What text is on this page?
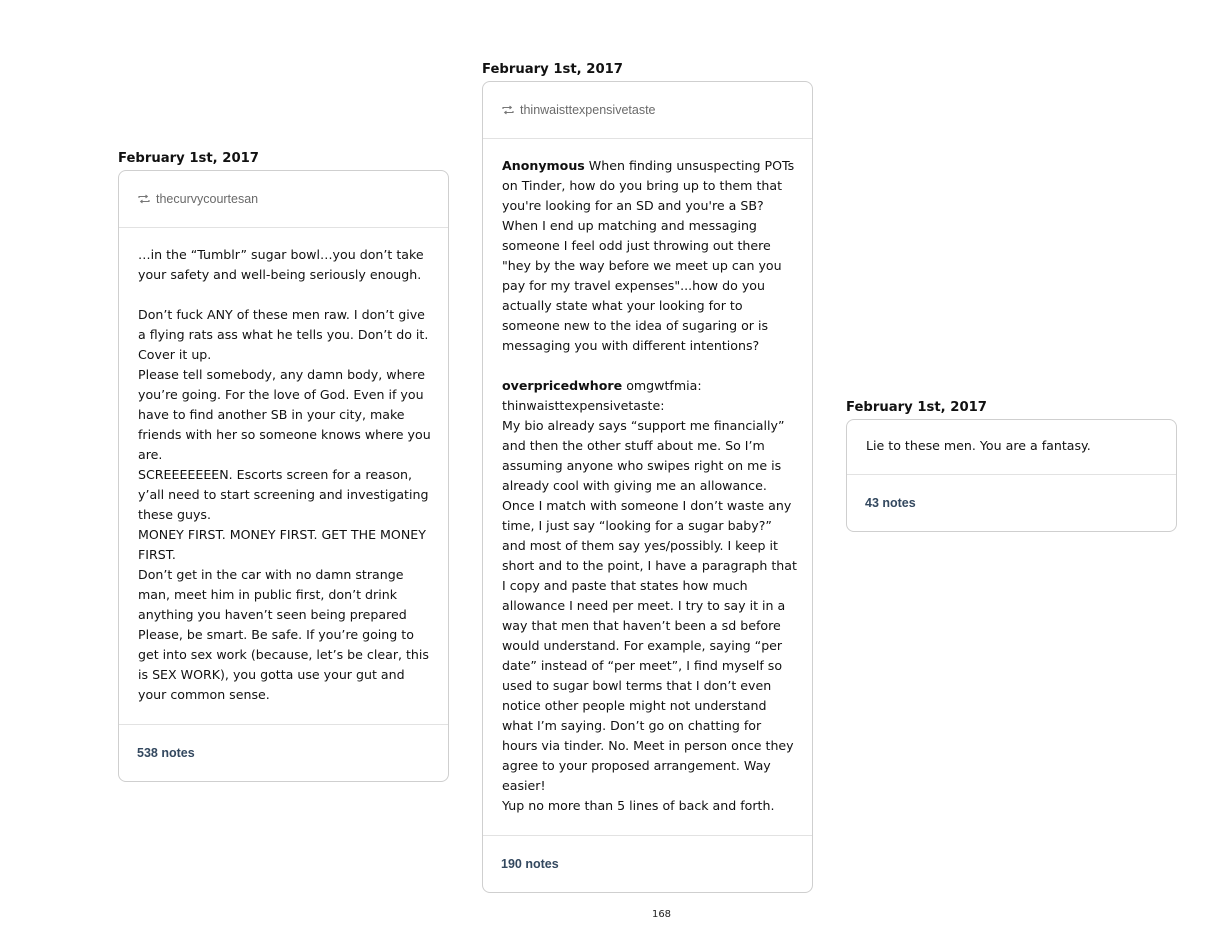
February 1st, 2017
thecurvycourtesan

…in the “Tumblr” sugar bowl…you don’t take your safety and well-being seriously enough.

Don’t fuck ANY of these men raw. I don’t give a flying rats ass what he tells you. Don’t do it. Cover it up.

Please tell somebody, any damn body, where you’re going. For the love of God. Even if you have to find another SB in your city, make friends with her so someone knows where you are.

SCREEEEEEEN. Escorts screen for a reason, y’all need to start screening and investigating these guys.

MONEY FIRST. MONEY FIRST. GET THE MONEY FIRST.

Don’t get in the car with no damn strange man, meet him in public first, don’t drink anything you haven’t seen being prepared

Please, be smart. Be safe. If you’re going to get into sex work (because, let’s be clear, this is SEX WORK), you gotta use your gut and your common sense.

538 notes
February 1st, 2017
thinwaisttexpensivetaste

Anonymous When finding unsuspecting POTs on Tinder, how do you bring up to them that you're looking for an SD and you're a SB? When I end up matching and messaging someone I feel odd just throwing out there "hey by the way before we meet up can you pay for my travel expenses"...how do you actually state what your looking for to someone new to the idea of sugaring or is messaging you with different intentions?

overpricedwhore omgwtfmia:

thinwaisttexpensivetaste:

My bio already says “support me financially” and then the other stuff about me. So I’m assuming anyone who swipes right on me is already cool with giving me an allowance. Once I match with someone I don’t waste any time, I just say “looking for a sugar baby?” and most of them say yes/possibly. I keep it short and to the point, I have a paragraph that I copy and paste that states how much allowance I need per meet. I try to say it in a way that men that haven’t been a sd before would understand. For example, saying “per date” instead of “per meet”, I find myself so used to sugar bowl terms that I don’t even notice other people might not understand what I’m saying. Don’t go on chatting for hours via tinder. No. Meet in person once they agree to your proposed arrangement. Way easier!

Yup no more than 5 lines of back and forth.

190 notes
February 1st, 2017

Lie to these men. You are a fantasy.

43 notes
168
